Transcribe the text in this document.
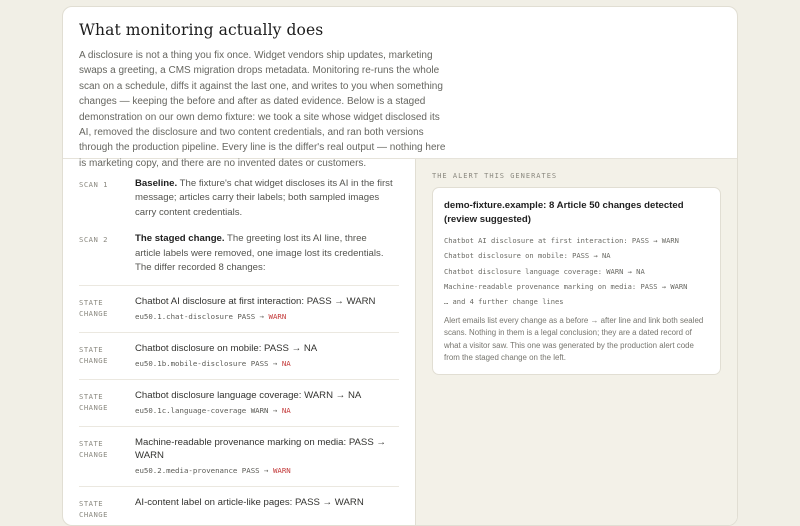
What monitoring actually does

A disclosure is not a thing you fix once. Widget vendors ship updates, marketing swaps a greeting, a CMS migration drops metadata. Monitoring re-runs the whole scan on a schedule, diffs it against the last one, and writes to you when something changes — keeping the before and after as dated evidence. Below is a staged demonstration on our own demo fixture: we took a site whose widget disclosed its AI, removed the disclosure and two content credentials, and ran both versions through the production pipeline. Every line is the differ's real output — nothing here is marketing copy, and there are no invented dates or customers.

SCAN 1	Baseline. The fixture's chat widget discloses its AI in the first message; articles carry their labels; both sampled images carry content credentials.
SCAN 2	The staged change. The greeting lost its AI line, three article labels were removed, one image lost its credentials. The differ recorded 8 changes:
STATE
CHANGE
Chatbot AI disclosure at first interaction: PASS → WARN
eu50.1.chat-disclosure PASS → WARN
STATE
CHANGE
Chatbot disclosure on mobile: PASS → NA
eu50.1b.mobile-disclosure PASS → NA
STATE
CHANGE
Chatbot disclosure language coverage: WARN → NA
eu50.1c.language-coverage WARN → NA
STATE
CHANGE
Machine-readable provenance marking on media: PASS → WARN
eu50.2.media-provenance PASS → WARN
STATE
CHANGE
AI-content label on article-like pages: PASS → WARN
THE ALERT THIS GENERATES
demo-fixture.example: 8 Article 50 changes detected (review suggested)
Chatbot AI disclosure at first interaction: PASS → WARN
Chatbot disclosure on mobile: PASS → NA
Chatbot disclosure language coverage: WARN → NA
Machine-readable provenance marking on media: PASS → WARN
… and 4 further change lines
Alert emails list every change as a before → after line and link both sealed scans. Nothing in them is a legal conclusion; they are a dated record of what a visitor saw. This one was generated by the production alert code from the staged change on the left.
